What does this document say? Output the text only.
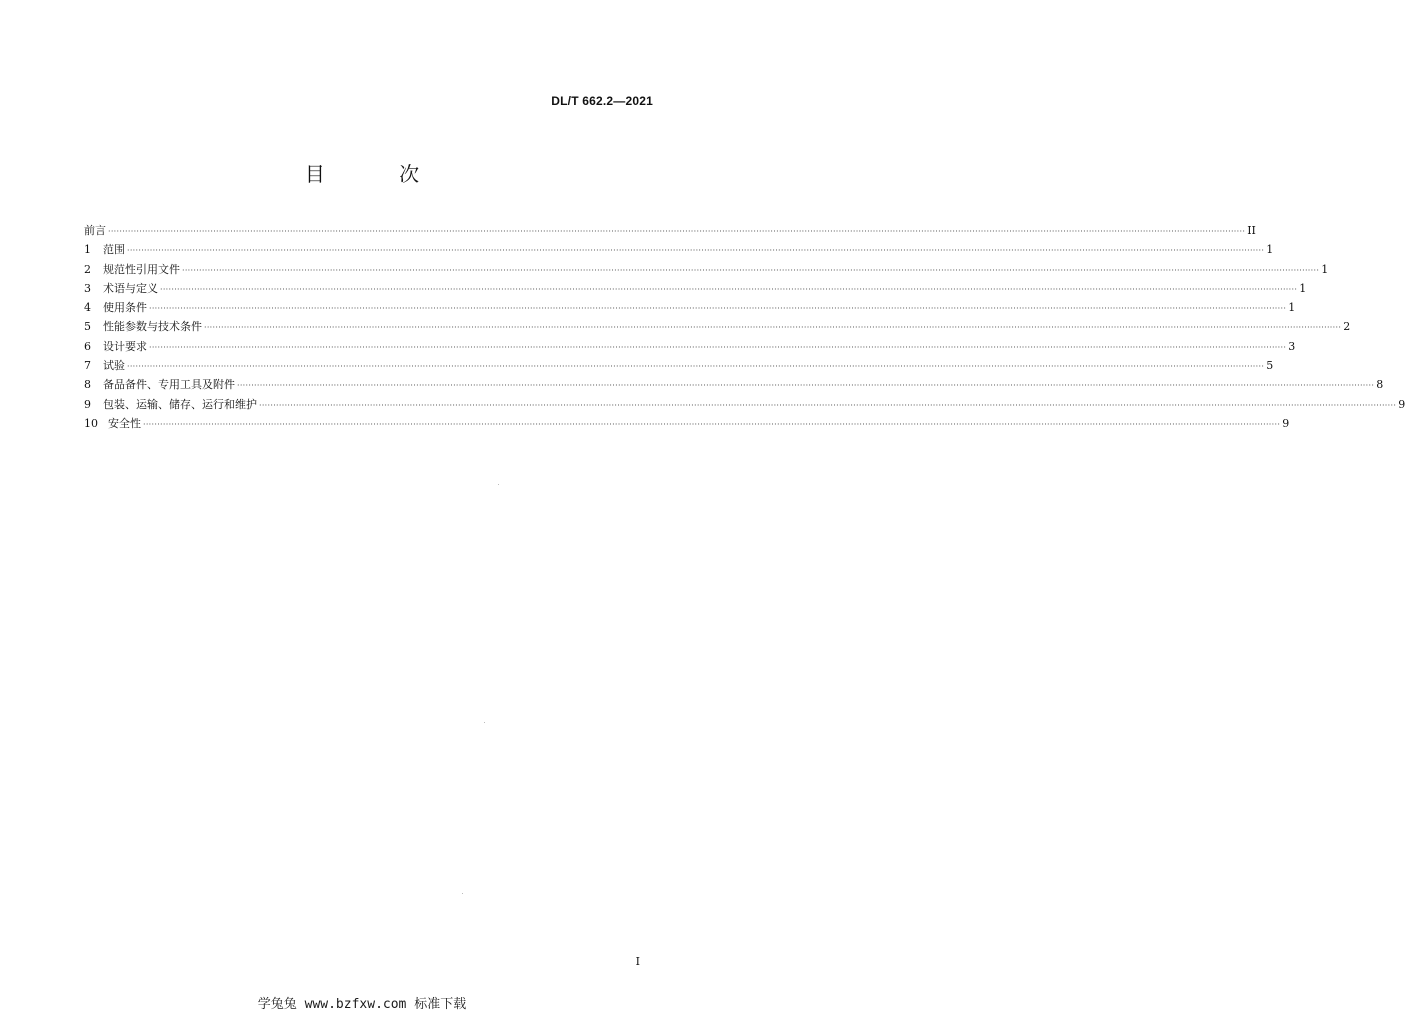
DL/T 662.2—2021
目 次
前言 ················································································································································································································································································································································································································ II
1	范围 ················································································································································································································································································································································································································ 1
2	规范性引用文件 ················································································································································································································································································································································································································ 1
3	术语与定义 ················································································································································································································································································································································································································ 1
4	使用条件 ················································································································································································································································································································································································································ 1
5	性能参数与技术条件 ················································································································································································································································································································································································································ 2
6	设计要求 ················································································································································································································································································································································································································ 3
7	试验 ················································································································································································································································································································································································································ 5
8	备品备件、专用工具及附件 ················································································································································································································································································································································································································ 8
9	包装、运输、储存、运行和维护 ················································································································································································································································································································································································································ 9
10 安全性 ················································································································································································································································································································································································································ 9
I
学兔兔 www.bzfxw.com 标准下载
